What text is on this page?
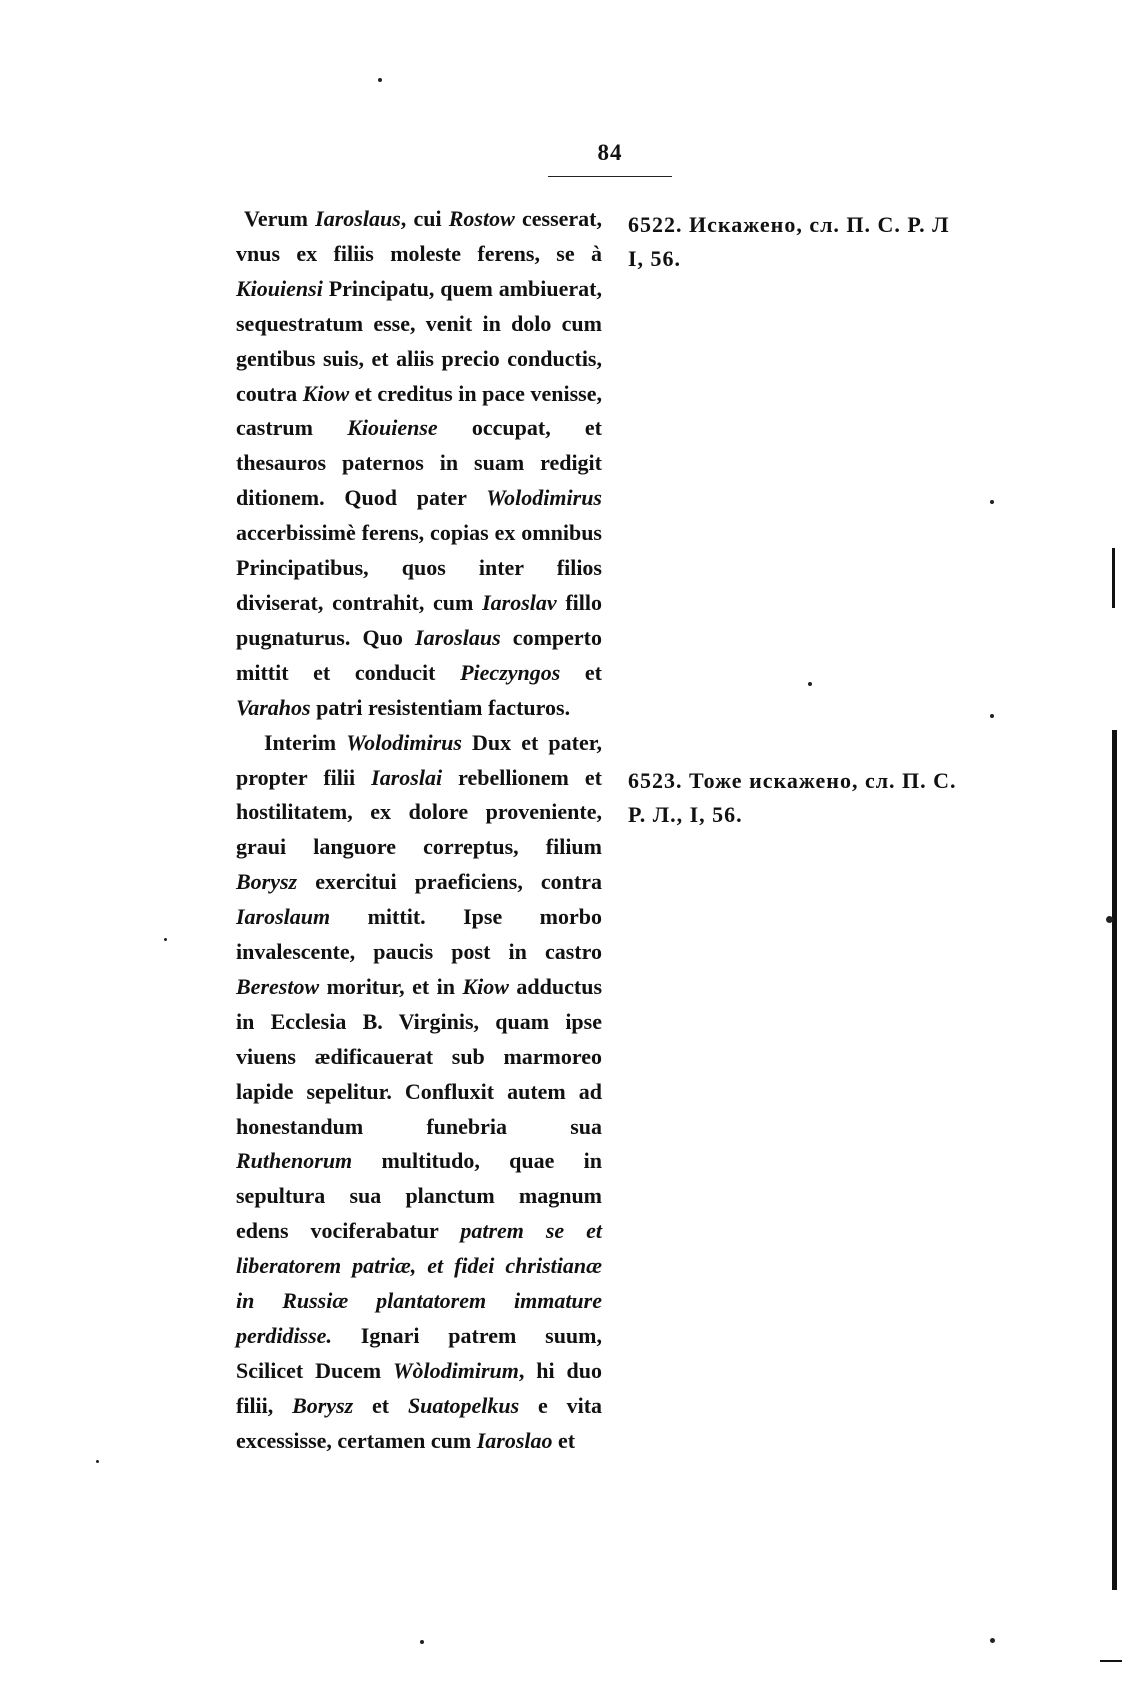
84

Verum Iaroslaus, cui Rostow cesserat, vnus ex filiis moleste ferens, se à Kiouiensi Principatu, quem ambiuerat, sequestratum esse, venit in dolo cum gentibus suis, et aliis precio conductis, coutra Kiow et creditus in pace venisse, castrum Kiouiense occupat, et thesauros paternos in suam redigit ditionem. Quod pater Wolodimirus accerbissimè ferens, copias ex omnibus Principatibus, quos inter filios diviserat, contrahit, cum Iaroslav fillo pugnaturus. Quo Iaroslaus comperto mittit et conducit Pieczyngos et Varahos patri resistentiam facturos.

Interim Wolodimirus Dux et pater, propter filii Iaroslai rebellionem et hostilitatem, ex dolore proveniente, graui languore correptus, filium Borysz exercitui praeficiens, contra Iaroslaum mittit. Ipse morbo invalescente, paucis post in castro Berestow moritur, et in Kiow adductus in Ecclesia B. Virginis, quam ipse viuens ædificauerat sub marmoreo lapide sepelitur. Confluxit autem ad honestandum funebria sua Ruthenorum multitudo, quae in sepultura sua planctum magnum edens vociferabatur patrem se et liberatorem patriæ, et fidei christianæ in Russiæ plantatorem immature perdidisse. Ignari patrem suum, Scilicet Ducem Wòlodimirum, hi duo filii, Borysz et Suatopelkus e vita excessisse, certamen cum Iaroslao et

6522. Искажено, сл. П. С. Р. Л

I, 56.

6523. Тоже искажено, сл. П. С.

Р. Л., I, 56.
